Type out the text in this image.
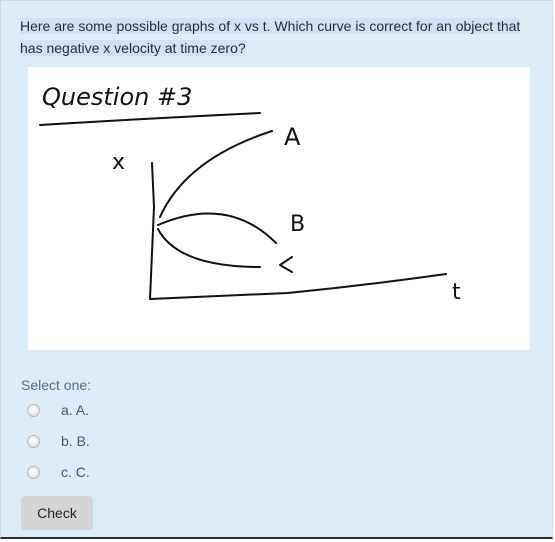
Here are some possible graphs of x vs t. Which curve is correct for an object that has negative x velocity at time zero?
Question #3
x
t
A
B
Select one:
a. A.
b. B.
c. C.
Check
